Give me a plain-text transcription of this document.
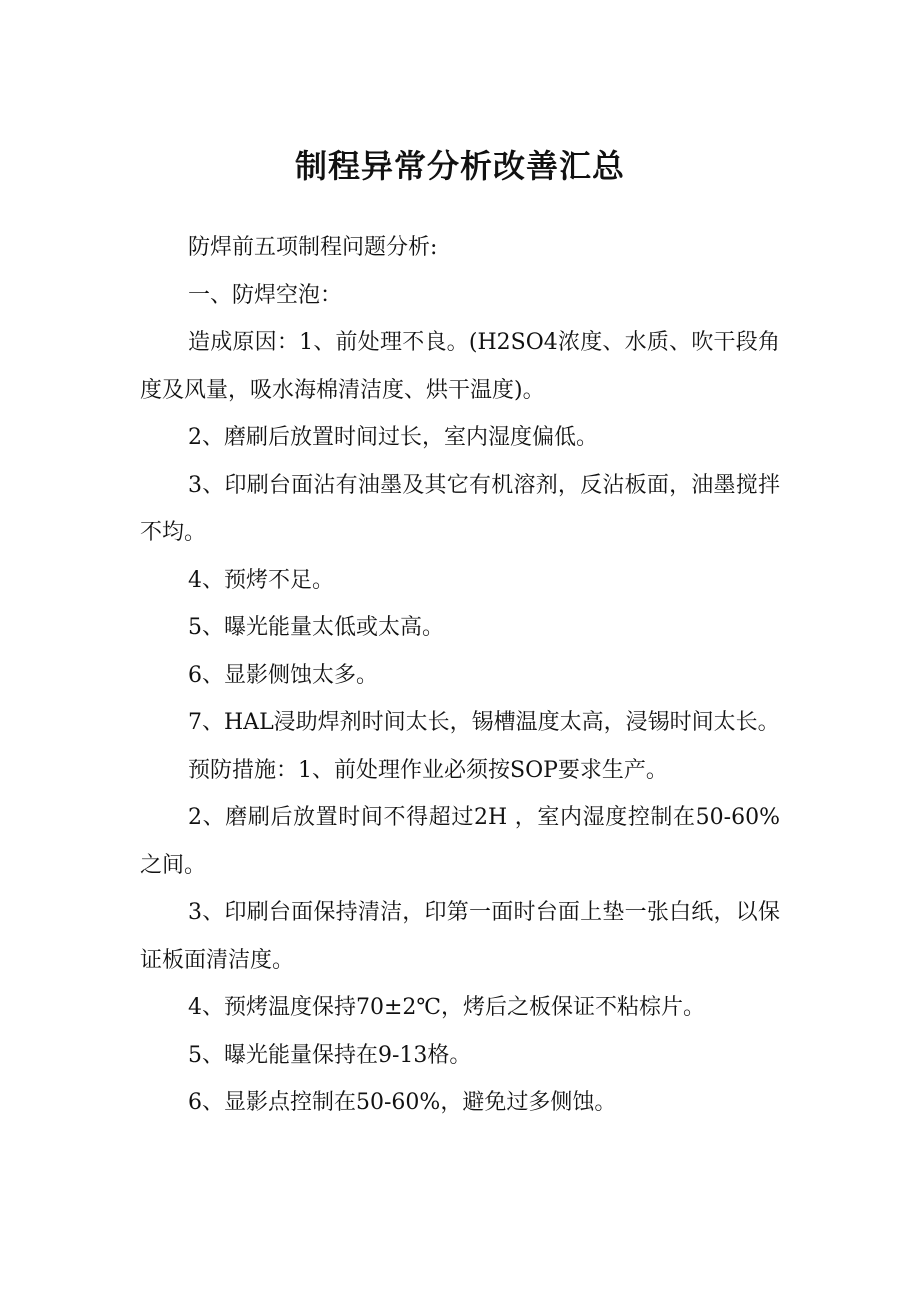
制程异常分析改善汇总

防焊前五项制程问题分析:

一、防焊空泡：

造成原因：1、前处理不良。(H2SO4浓度、水质、吹干段角度及风量，吸水海棉清洁度、烘干温度)。

2、磨刷后放置时间过长，室内湿度偏低。

3、印刷台面沾有油墨及其它有机溶剂，反沾板面，油墨搅拌不均。

4、预烤不足。

5、曝光能量太低或太高。

6、显影侧蚀太多。

7、HAL浸助焊剂时间太长，锡槽温度太高，浸锡时间太长。

预防措施：1、前处理作业必须按SOP要求生产。

2、磨刷后放置时间不得超过2H ，室内湿度控制在50-60%之间。

3、印刷台面保持清洁，印第一面时台面上垫一张白纸，以保证板面清洁度。

4、预烤温度保持70±2℃，烤后之板保证不粘棕片。

5、曝光能量保持在9-13格。

6、显影点控制在50-60%，避免过多侧蚀。
